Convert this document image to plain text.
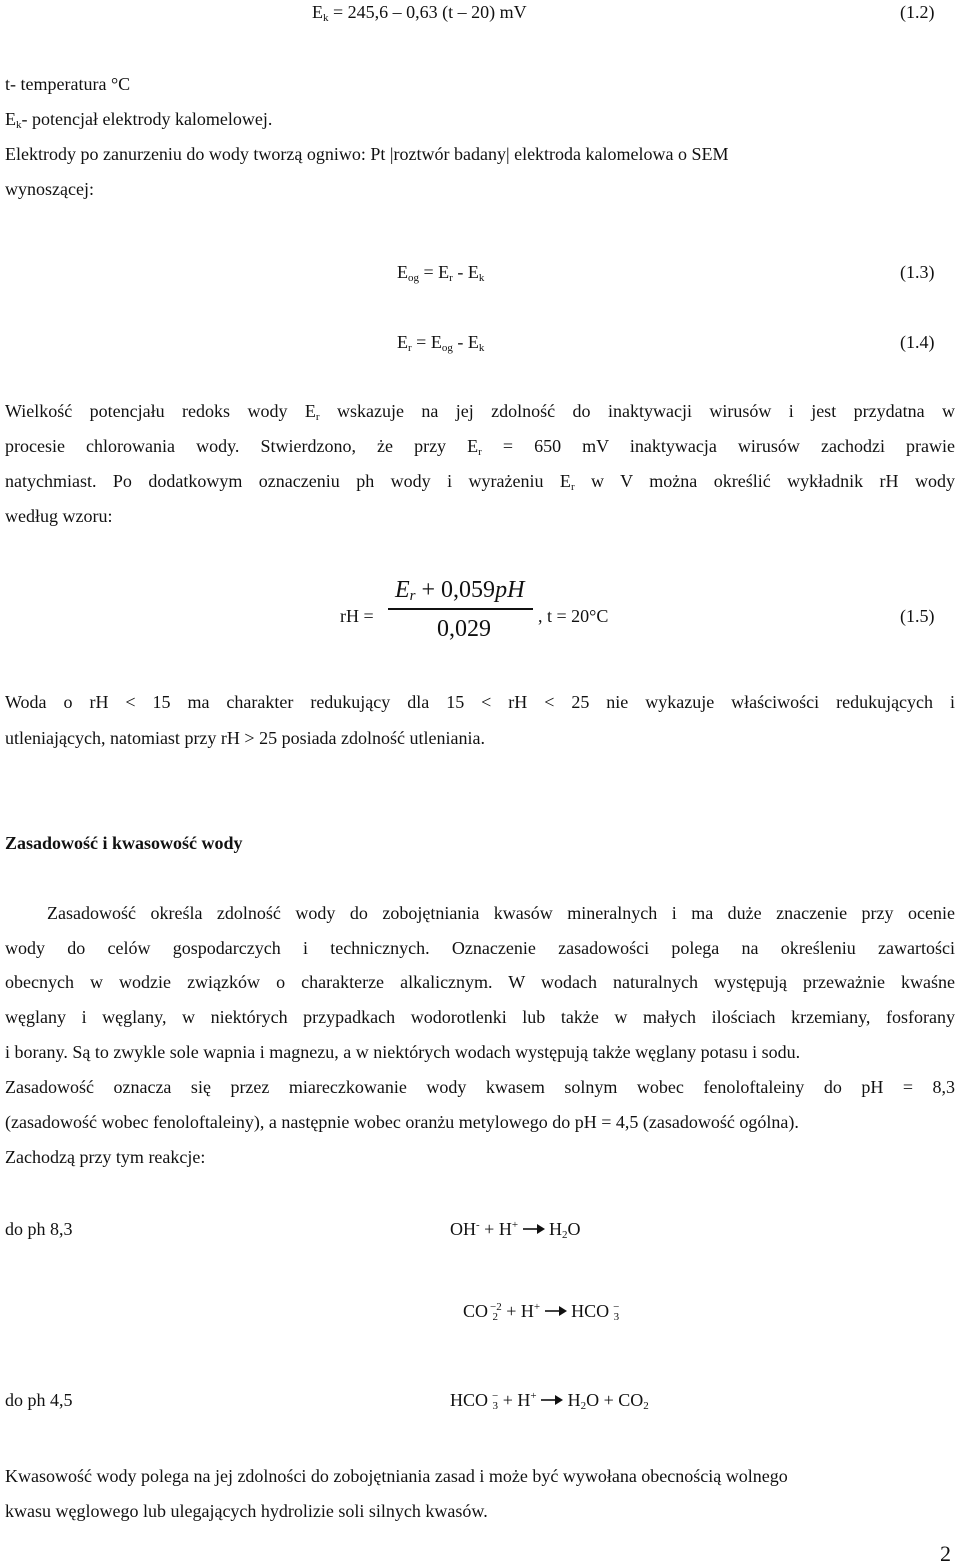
$E_k = 245,6 - 0,63$ (t – 20) mV	(1.2)
t- temperatura °C
$E_k-$ potencjał elektrody kalomelowej.
Elektrody po zanurzeniu do wody tworzą ogniwo: Pt |roztwór badany| elektroda kalomelowa o SEM
wynoszącej:
$E_{og} = E_r - E_k$	(1.3)
$E_r = E_{og} - E_k$	(1.4)
Wielkość potencjału redoks wody $E_r$ wskazuje na jej zdolność do inaktywacji wirusów i jest przydatna w
procesie chlorowania wody. Stwierdzono, że przy $E_r = 650$ mV inaktywacja wirusów zachodzi prawie
natychmiast. Po dodatkowym oznaczeniu ph wody i wyrażeniu $E_r$ w V można określić wykładnik rH wody
według wzoru:
rH =
$E_r + 0,059pH$
0,029	, t = 20°C	(1.5)
Woda o rH < 15 ma charakter redukujący dla 15 < rH < 25 nie wykazuje właściwości redukujących i
utleniających, natomiast przy rH > 25 posiada zdolność utleniania.
Zasadowość i kwasowość wody
Zasadowość określa zdolność wody do zobojętniania kwasów mineralnych i ma duże znaczenie przy ocenie
wody do celów gospodarczych i technicznych. Oznaczenie zasadowości polega na określeniu zawartości
obecnych w wodzie związków o charakterze alkalicznym. W wodach naturalnych występują przeważnie kwaśne
węglany i węglany, w niektórych przypadkach wodorotlenki lub także w małych ilościach krzemiany, fosforany
i borany. Są to zwykle sole wapnia i magnezu, a w niektórych wodach występują także węglany potasu i sodu.
Zasadowość oznacza się przez miareczkowanie wody kwasem solnym wobec fenoloftaleiny do pH = 8,3
(zasadowość wobec fenoloftaleiny), a następnie wobec oranżu metylowego do pH = 4,5 (zasadowość ogólna).
Zachodzą przy tym reakcje:
do ph 8,3	$OH^- + H^+ \to H_2O$
CO $_2^{-2}$ + H+ → HCO $_3$−
do ph 4,5	HCO $_3^- + H^+ \to H_2O + CO_2$
Kwasowość wody polega na jej zdolności do zobojętniania zasad i może być wywołana obecnością wolnego
kwasu węglowego lub ulegających hydrolizie soli silnych kwasów.
2
